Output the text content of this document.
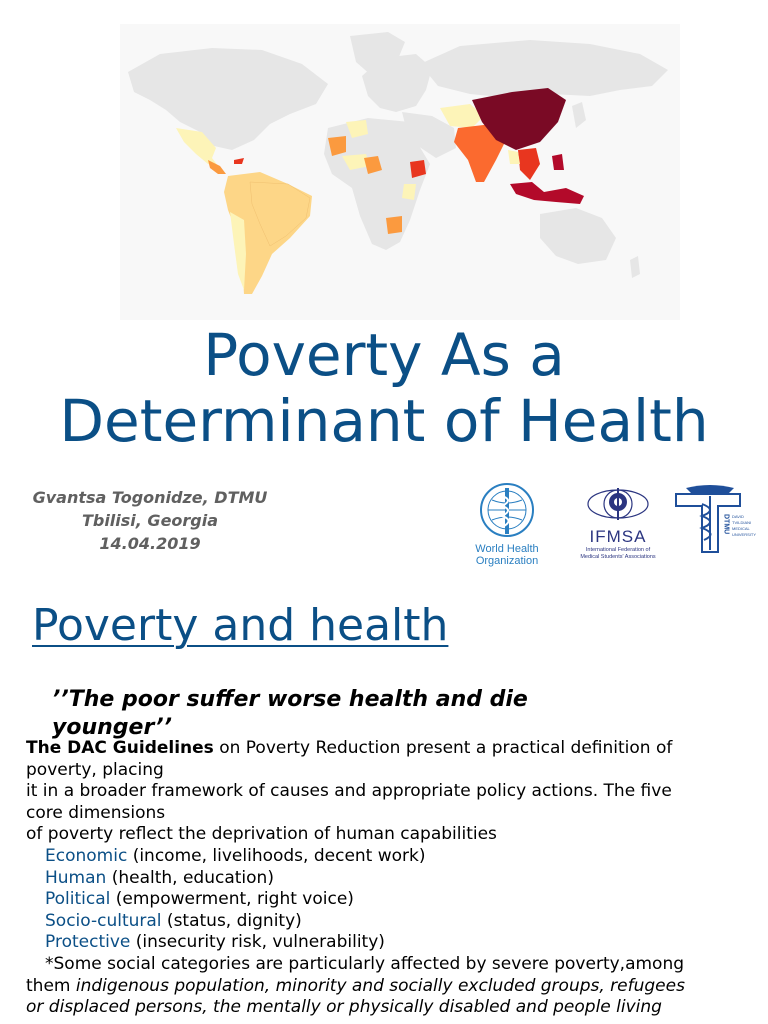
Poverty As a
Determinant of Health
Gvantsa Togonidze, DTMU
Tbilisi, Georgia
14.04.2019	World Health
Organization
IFMSA
International Federation of
Medical Students' Associations
DTMU DAVID
TVILDIANI
MEDICAL
UNIVERSITY
Poverty and health
’’The poor suffer worse health and die
younger’’
The DAC Guidelines on Poverty Reduction present a practical definition of
poverty, placing
it in a broader framework of causes and appropriate policy actions. The five
core dimensions
of poverty reflect the deprivation of human capabilities
Economic (income, livelihoods, decent work)
Human (health, education)
Political (empowerment, right voice)
Socio-cultural (status, dignity)
Protective (insecurity risk, vulnerability)
*Some social categories are particularly affected by severe poverty,among
them indigenous population, minority and socially excluded groups, refugees
or displaced persons, the mentally or physically disabled and people living
